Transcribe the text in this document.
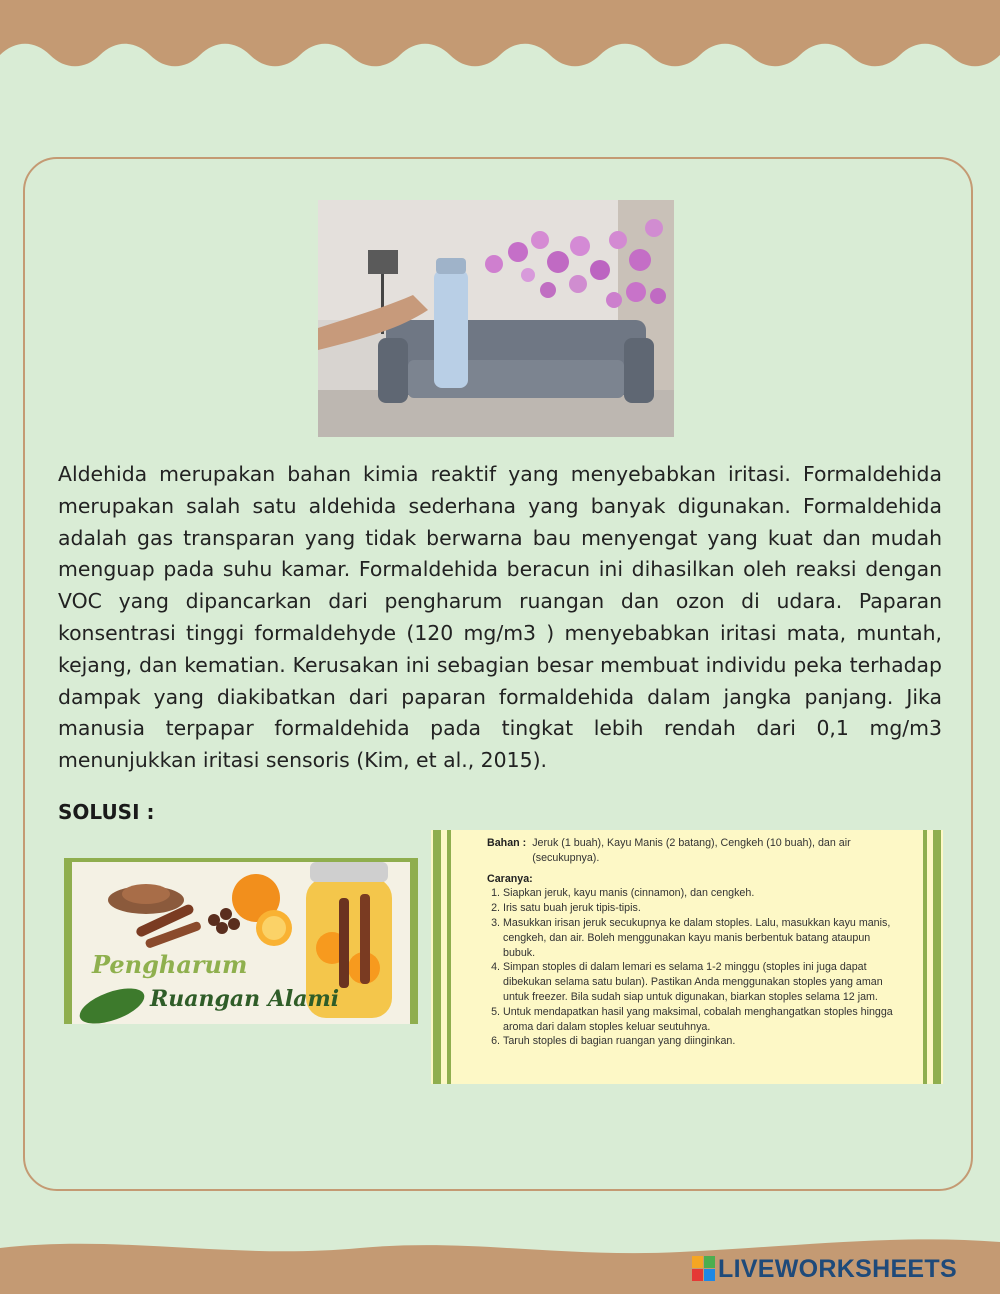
Aldehida merupakan bahan kimia reaktif yang menyebabkan iritasi. Formaldehida merupakan salah satu aldehida sederhana yang banyak digunakan. Formaldehida adalah gas transparan yang tidak berwarna bau menyengat yang kuat dan mudah menguap pada suhu kamar. Formaldehida beracun ini dihasilkan oleh reaksi dengan VOC yang dipancarkan dari pengharum ruangan dan ozon di udara. Paparan konsentrasi tinggi formaldehyde (120 mg/m3 ) menyebabkan iritasi mata, muntah, kejang, dan kematian. Kerusakan ini sebagian besar membuat individu peka terhadap dampak yang diakibatkan dari paparan formaldehida dalam jangka panjang. Jika manusia terpapar formaldehida pada tingkat lebih rendah dari 0,1 mg/m3 menunjukkan iritasi sensoris (Kim, et al., 2015).

SOLUSI :

Pengharum
Ruangan Alami
Bahan : Jeruk (1 buah), Kayu Manis (2 batang), Cengkeh (10 buah), dan air (secukupnya).
Caranya:
1. Siapkan jeruk, kayu manis (cinnamon), dan cengkeh.
2. Iris satu buah jeruk tipis-tipis.
3. Masukkan irisan jeruk secukupnya ke dalam stoples. Lalu, masukkan kayu manis, cengkeh, dan air. Boleh menggunakan kayu manis berbentuk batang ataupun bubuk.
4. Simpan stoples di dalam lemari es selama 1-2 minggu (stoples ini juga dapat dibekukan selama satu bulan). Pastikan Anda menggunakan stoples yang aman untuk freezer. Bila sudah siap untuk digunakan, biarkan stoples selama 12 jam.
5. Untuk mendapatkan hasil yang maksimal, cobalah menghangatkan stoples hingga aroma dari dalam stoples keluar seutuhnya.
6. Taruh stoples di bagian ruangan yang diinginkan.
LIVEWORKSHEETS
